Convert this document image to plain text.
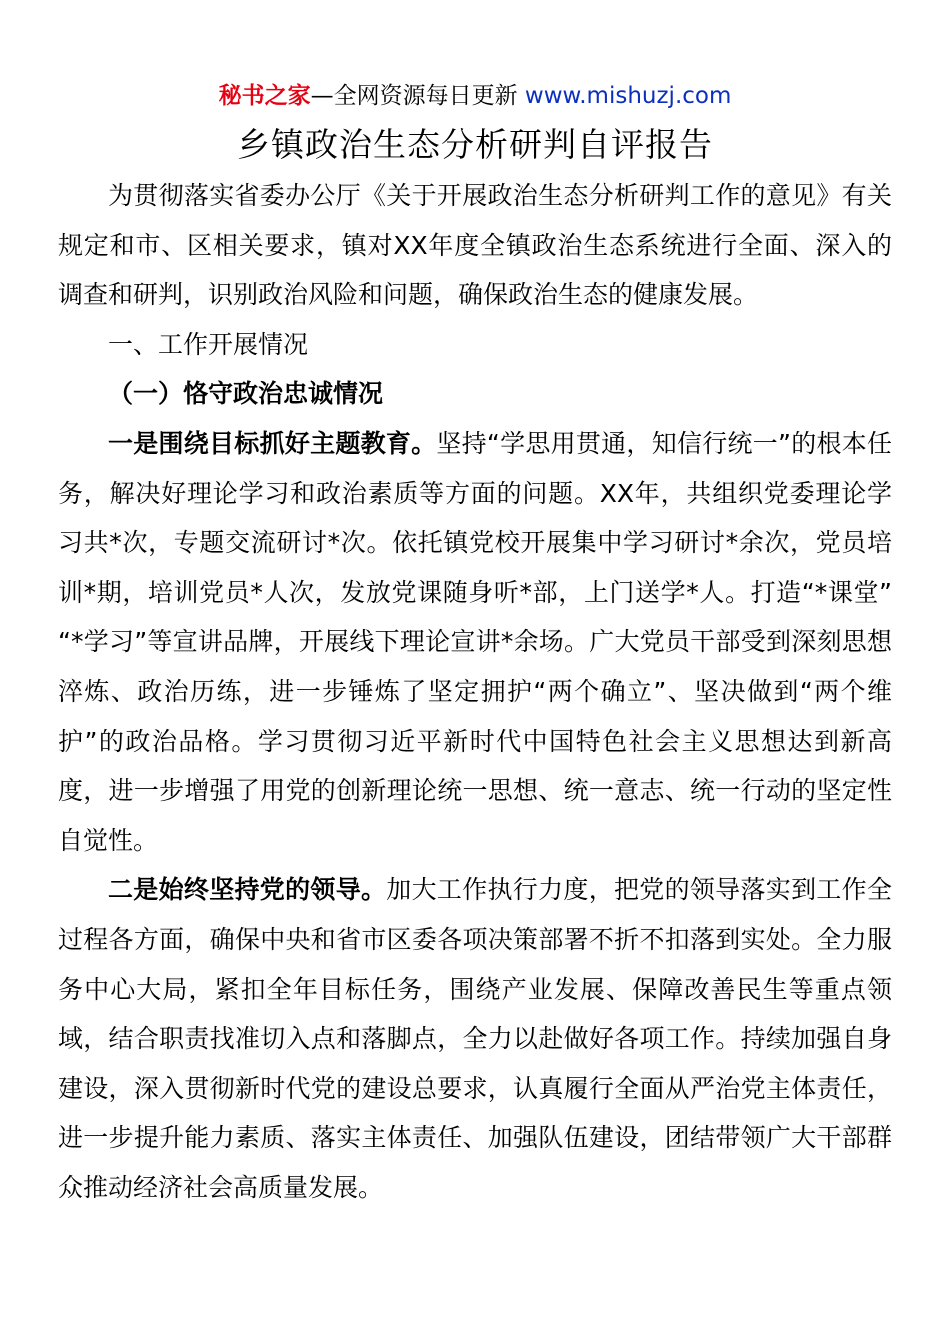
秘书之家—全网资源每日更新 www.mishuzj.com
乡镇政治生态分析研判自评报告

为贯彻落实省委办公厅《关于开展政治生态分析研判工作的意见》有关规定和市、区相关要求，镇对XX年度全镇政治生态系统进行全面、深入的调查和研判，识别政治风险和问题，确保政治生态的健康发展。

一、工作开展情况

（一）恪守政治忠诚情况

一是围绕目标抓好主题教育。坚持“学思用贯通，知信行统一”的根本任务，解决好理论学习和政治素质等方面的问题。XX年，共组织党委理论学习共*次，专题交流研讨*次。依托镇党校开展集中学习研讨*余次，党员培训*期，培训党员*人次，发放党课随身听*部，上门送学*人。打造“*课堂” “*学习”等宣讲品牌，开展线下理论宣讲*余场。广大党员干部受到深刻思想淬炼、政治历练，进一步锤炼了坚定拥护“两个确立”、坚决做到“两个维护”的政治品格。学习贯彻习近平新时代中国特色社会主义思想达到新高度，进一步增强了用党的创新理论统一思想、统一意志、统一行动的坚定性自觉性。

二是始终坚持党的领导。加大工作执行力度，把党的领导落实到工作全过程各方面，确保中央和省市区委各项决策部署不折不扣落到实处。全力服务中心大局，紧扣全年目标任务，围绕产业发展、保障改善民生等重点领域，结合职责找准切入点和落脚点，全力以赴做好各项工作。持续加强自身建设，深入贯彻新时代党的建设总要求，认真履行全面从严治党主体责任，进一步提升能力素质、落实主体责任、加强队伍建设，团结带领广大干部群众推动经济社会高质量发展。
